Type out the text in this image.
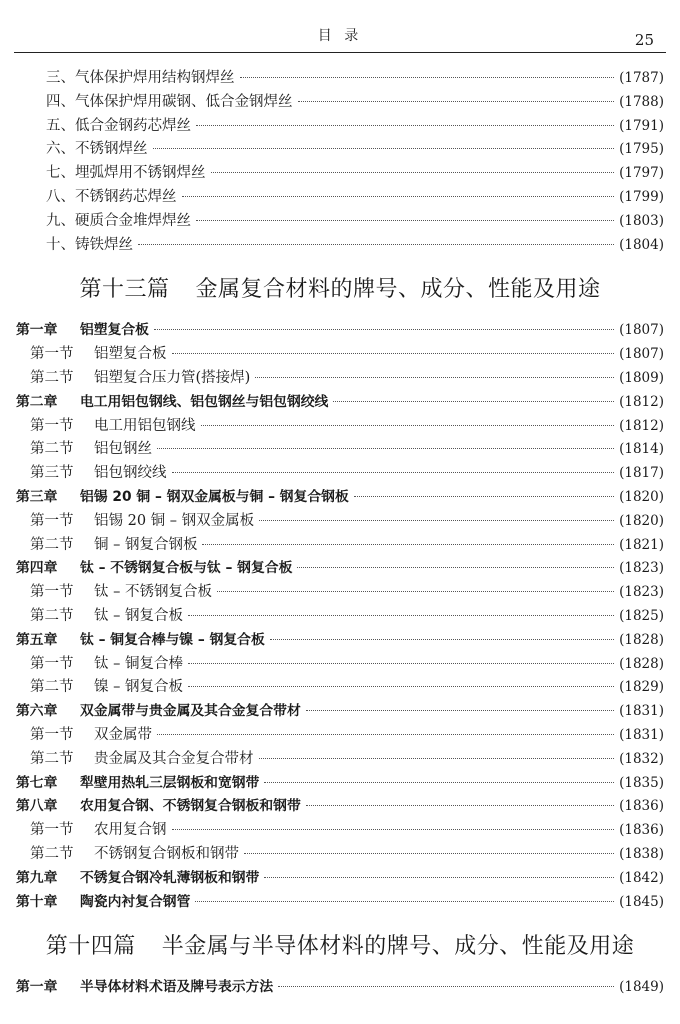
目 录	25
三、气体保护焊用结构钢焊丝	(1787)
四、气体保护焊用碳钢、低合金钢焊丝	(1788)
五、低合金钢药芯焊丝	(1791)
六、不锈钢焊丝	(1795)
七、埋弧焊用不锈钢焊丝	(1797)
八、不锈钢药芯焊丝	(1799)
九、硬质合金堆焊焊丝	(1803)
十、铸铁焊丝	(1804)
第十三篇 金属复合材料的牌号、成分、性能及用途
第一章 铝塑复合板	(1807)
第一节 铝塑复合板	(1807)
第二节 铝塑复合压力管(搭接焊)	(1809)
第二章 电工用铝包钢线、铝包钢丝与铝包钢绞线	(1812)
第一节 电工用铝包钢线	(1812)
第二节 铝包钢丝	(1814)
第三节 铝包钢绞线	(1817)
第三章 铝锡 20 铜 – 钢双金属板与铜 – 钢复合钢板	(1820)
第一节 铝锡 20 铜 – 钢双金属板	(1820)
第二节 铜 – 钢复合钢板	(1821)
第四章 钛 – 不锈钢复合板与钛 – 钢复合板	(1823)
第一节 钛 – 不锈钢复合板	(1823)
第二节 钛 – 钢复合板	(1825)
第五章 钛 – 铜复合棒与镍 – 钢复合板	(1828)
第一节 钛 – 铜复合棒	(1828)
第二节 镍 – 钢复合板	(1829)
第六章 双金属带与贵金属及其合金复合带材	(1831)
第一节 双金属带	(1831)
第二节 贵金属及其合金复合带材	(1832)
第七章 犁壁用热轧三层钢板和宽钢带	(1835)
第八章 农用复合钢、不锈钢复合钢板和钢带	(1836)
第一节 农用复合钢	(1836)
第二节 不锈钢复合钢板和钢带	(1838)
第九章 不锈复合钢冷轧薄钢板和钢带	(1842)
第十章 陶瓷内衬复合钢管	(1845)
第十四篇 半金属与半导体材料的牌号、成分、性能及用途
第一章 半导体材料术语及牌号表示方法	(1849)
